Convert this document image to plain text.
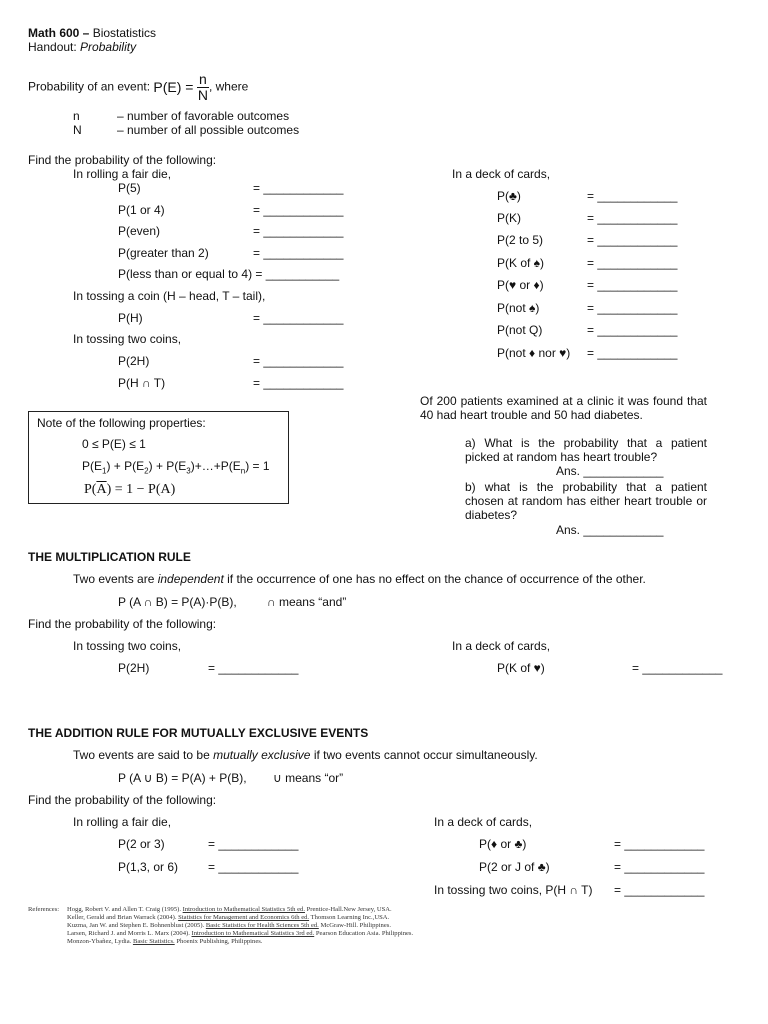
Math 600 – Biostatistics
Handout: Probability
Probability of an event: $P(E) = \frac{n}{N}$ , where
n	– number of favorable outcomes
N	– number of all possible outcomes
Find the probability of the following:
In rolling a fair die,
P(5)	= ____________
P(1 or 4)	= ____________
P(even)	= ____________
P(greater than 2)	= ____________
P(less than or equal to 4) = ___________
In tossing a coin (H – head, T – tail),
P(H)	= ____________
In tossing two coins,
P(2H)	= ____________
P(H ∩ T)	= ____________
In a deck of cards,
P(♣)	= ____________
P(K)	= ____________
P(2 to 5)	= ____________
P(K of ♠)	= ____________
P(♥ or ♦)	= ____________
P(not ♠)	= ____________
P(not Q)	= ____________
P(not ♦ nor ♥) = ____________
Note of the following properties:
0 ≤ P(E) ≤ 1
$P(E_1) + P(E_2)$ + $P(E_3)+\dots+P(E_n) = 1$
$P(\overline{A}) = 1 - P(A)$
Of 200 patients examined at a clinic it was found that 40 had heart trouble and 50 had diabetes.
a) What is the probability that a patient picked at random has heart trouble?
Ans. ____________
b) what is the probability that a patient chosen at random has either heart trouble or diabetes?
Ans. ____________
THE MULTIPLICATION RULE
Two events are independent if the occurrence of one has no effect on the chance of occurrence of the other.
P (A ∩ B) = P(A)·P(B),	∩ means “and”
Find the probability of the following:
In tossing two coins,
P(2H)	= ____________
In a deck of cards,
P(K of ♥)	= ____________
THE ADDITION RULE FOR MUTUALLY EXCLUSIVE EVENTS
Two events are said to be mutually exclusive if two events cannot occur simultaneously.
P (A ∪ B) = P(A) + P(B), ∪ means “or”
Find the probability of the following:
In rolling a fair die,
P(2 or 3)	= ____________
P(1,3, or 6) = ____________
In a deck of cards,
P(♦ or ♣)	= ____________
P(2 or J of ♣)	= ____________
In tossing two coins, P(H ∩ T) = ____________
References: Hogg, Robert V. and Allen T. Craig (1995). Introduction to Mathematical Statistics 5th ed. Prentice-Hall.New Jersey, USA.
Keller, Gerald and Brian Warrack (2004). Statistics for Management and Economics 6th ed. Thomson Learning Inc.,USA.
Kuzma, Jan W. and Stephen E. Bohnenblust (2005). Basic Statistics for Health Sciences 5th ed. McGraw-Hill. Philippines.
Larsen, Richard J. and Morris L. Marx (2004). Introduction to Mathematical Statistics 3rd ed. Pearson Education Asia. Philippines.
Monzon-Ybañez, Lydia. Basic Statistics. Phoenix Publishing, Philippines.
